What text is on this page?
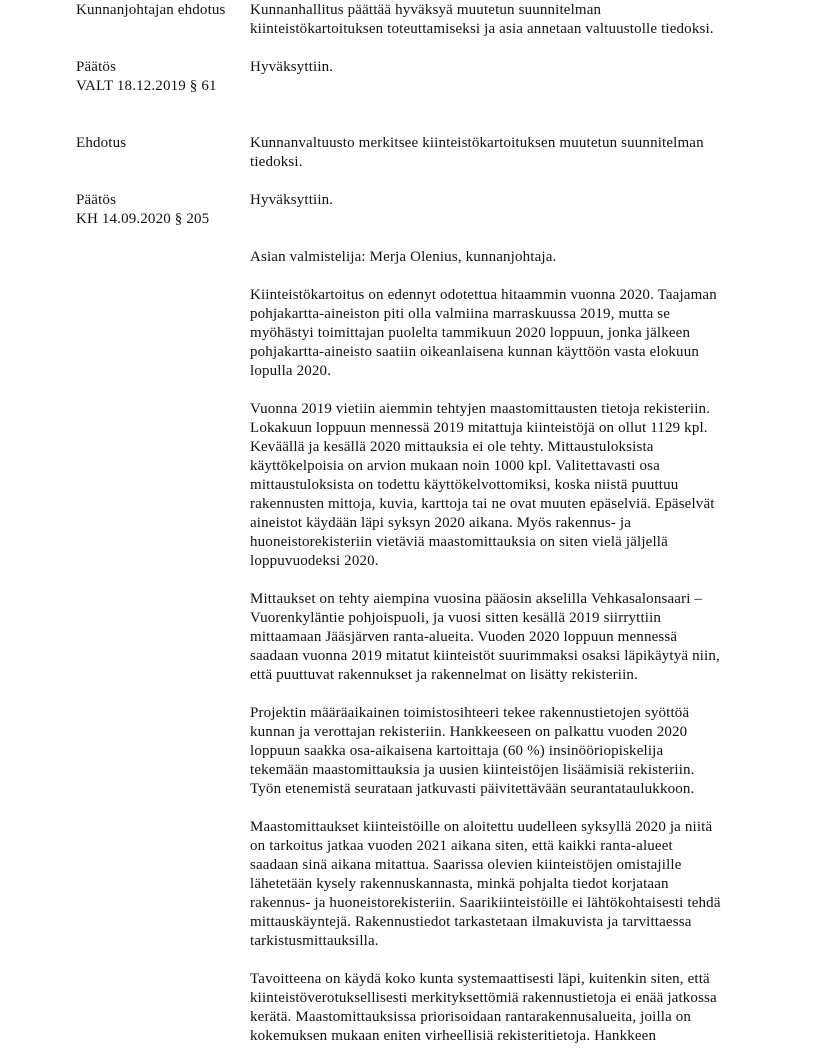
Kunnanjohtajan ehdotus	Kunnanhallitus päättää hyväksyä muutetun suunnitelman
kiinteistökartoituksen toteuttamiseksi ja asia annetaan valtuustolle tiedoksi.
Päätös
VALT 18.12.2019 § 61
Hyväksyttiin.
Ehdotus	Kunnanvaltuusto merkitsee kiinteistökartoituksen muutetun suunnitelman
tiedoksi.
Päätös
KH 14.09.2020 § 205
Hyväksyttiin.
Asian valmistelija: Merja Olenius, kunnanjohtaja.
Kiinteistökartoitus on edennyt odotettua hitaammin vuonna 2020. Taajaman
pohjakartta-aineiston piti olla valmiina marraskuussa 2019, mutta se
myöhästyi toimittajan puolelta tammikuun 2020 loppuun, jonka jälkeen
pohjakartta-aineisto saatiin oikeanlaisena kunnan käyttöön vasta elokuun
lopulla 2020.
Vuonna 2019 vietiin aiemmin tehtyjen maastomittausten tietoja rekisteriin.
Lokakuun loppuun mennessä 2019 mitattuja kiinteistöjä on ollut 1129 kpl.
Keväällä ja kesällä 2020 mittauksia ei ole tehty. Mittaustuloksista
käyttökelpoisia on arvion mukaan noin 1000 kpl. Valitettavasti osa
mittaustuloksista on todettu käyttökelvottomiksi, koska niistä puuttuu
rakennusten mittoja, kuvia, karttoja tai ne ovat muuten epäselviä. Epäselvät
aineistot käydään läpi syksyn 2020 aikana. Myös rakennus- ja
huoneistorekisteriin vietäviä maastomittauksia on siten vielä jäljellä
loppuvuodeksi 2020.
Mittaukset on tehty aiempina vuosina pääosin akselilla Vehkasalonsaari –
Vuorenkyläntie pohjoispuoli, ja vuosi sitten kesällä 2019 siirryttiin
mittaamaan Jääsjärven ranta-alueita. Vuoden 2020 loppuun mennessä
saadaan vuonna 2019 mitatut kiinteistöt suurimmaksi osaksi läpikäytyä niin,
että puuttuvat rakennukset ja rakennelmat on lisätty rekisteriin.
Projektin määräaikainen toimistosihteeri tekee rakennustietojen syöttöä
kunnan ja verottajan rekisteriin. Hankkeeseen on palkattu vuoden 2020
loppuun saakka osa-aikaisena kartoittaja (60 %) insinööriopiskelija
tekemään maastomittauksia ja uusien kiinteistöjen lisäämisiä rekisteriin.
Työn etenemistä seurataan jatkuvasti päivitettävään seurantataulukkoon.
Maastomittaukset kiinteistöille on aloitettu uudelleen syksyllä 2020 ja niitä
on tarkoitus jatkaa vuoden 2021 aikana siten, että kaikki ranta-alueet
saadaan sinä aikana mitattua. Saarissa olevien kiinteistöjen omistajille
lähetetään kysely rakennuskannasta, minkä pohjalta tiedot korjataan
rakennus- ja huoneistorekisteriin. Saarikiinteistöille ei lähtökohtaisesti tehdä
mittauskäyntejä. Rakennustiedot tarkastetaan ilmakuvista ja tarvittaessa
tarkistusmittauksilla.
Tavoitteena on käydä koko kunta systemaattisesti läpi, kuitenkin siten, että
kiinteistöverotuksellisesti merkityksettömiä rakennustietoja ei enää jatkossa
kerätä. Maastomittauksissa priorisoidaan rantarakennusalueita, joilla on
kokemuksen mukaan eniten virheellisiä rekisteritietoja. Hankkeen
